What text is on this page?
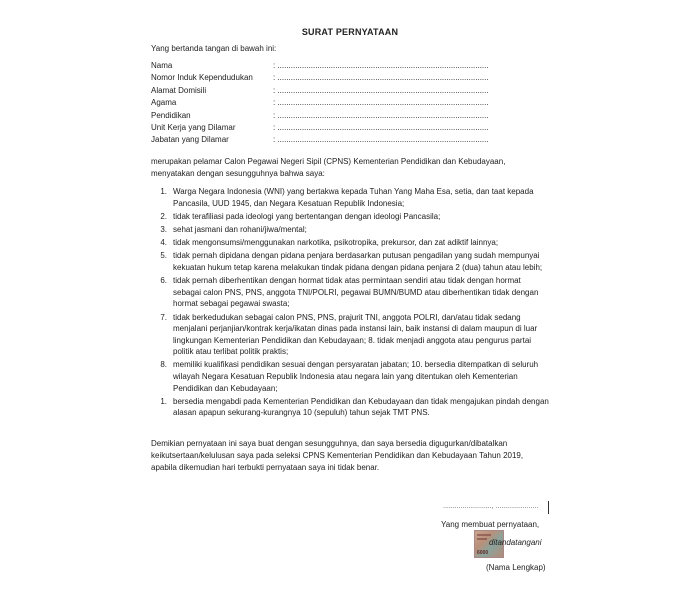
SURAT PERNYATAAN
Yang bertanda tangan di bawah ini:
Nama	: ...............................................................................................
Nomor Induk Kependudukan	: ...............................................................................................
Alamat Domisili	: ...............................................................................................
Agama	: ...............................................................................................
Pendidikan	: ...............................................................................................
Unit Kerja yang Dilamar	: ...............................................................................................
Jabatan yang Dilamar	: ...............................................................................................
merupakan pelamar Calon Pegawai Negeri Sipil (CPNS) Kementerian Pendidikan dan Kebudayaan, menyatakan dengan sesungguhnya bahwa saya:
1. Warga Negara Indonesia (WNI) yang bertakwa kepada Tuhan Yang Maha Esa, setia, dan taat kepada Pancasila, UUD 1945, dan Negara Kesatuan Republik Indonesia;
2. tidak terafiliasi pada ideologi yang bertentangan dengan ideologi Pancasila;
3. sehat jasmani dan rohani/jiwa/mental;
4. tidak mengonsumsi/menggunakan narkotika, psikotropika, prekursor, dan zat adiktif lainnya;
5. tidak pernah dipidana dengan pidana penjara berdasarkan putusan pengadilan yang sudah mempunyai kekuatan hukum tetap karena melakukan tindak pidana dengan pidana penjara 2 (dua) tahun atau lebih;
6. tidak pernah diberhentikan dengan hormat tidak atas permintaan sendiri atau tidak dengan hormat sebagai calon PNS, PNS, anggota TNI/POLRI, pegawai BUMN/BUMD atau diberhentikan tidak dengan hormat sebagai pegawai swasta;
7. tidak berkedudukan sebagai calon PNS, PNS, prajurit TNI, anggota POLRI, dan/atau tidak sedang menjalani perjanjian/kontrak kerja/ikatan dinas pada instansi lain, baik instansi di dalam maupun di luar lingkungan Kementerian Pendidikan dan Kebudayaan; 8. tidak menjadi anggota atau pengurus partai politik atau terlibat politik praktis;
8. memiliki kualifikasi pendidikan sesuai dengan persyaratan jabatan; 10. bersedia ditempatkan di seluruh wilayah Negara Kesatuan Republik Indonesia atau negara lain yang ditentukan oleh Kementerian Pendidikan dan Kebudayaan;
1. bersedia mengabdi pada Kementerian Pendidikan dan Kebudayaan dan tidak mengajukan pindah dengan alasan apapun sekurang-kurangnya 10 (sepuluh) tahun sejak TMT PNS.
Demikian pernyataan ini saya buat dengan sesungguhnya, dan saya bersedia digugurkan/dibatalkan keikutsertaan/kelulusan saya pada seleksi CPNS Kementerian Pendidikan dan Kebudayaan Tahun 2019, apabila dikemudian hari terbukti pernyataan saya ini tidak benar.
........................., ......................
Yang membuat pernyataan,
6000
ditandatangani
(Nama Lengkap)
